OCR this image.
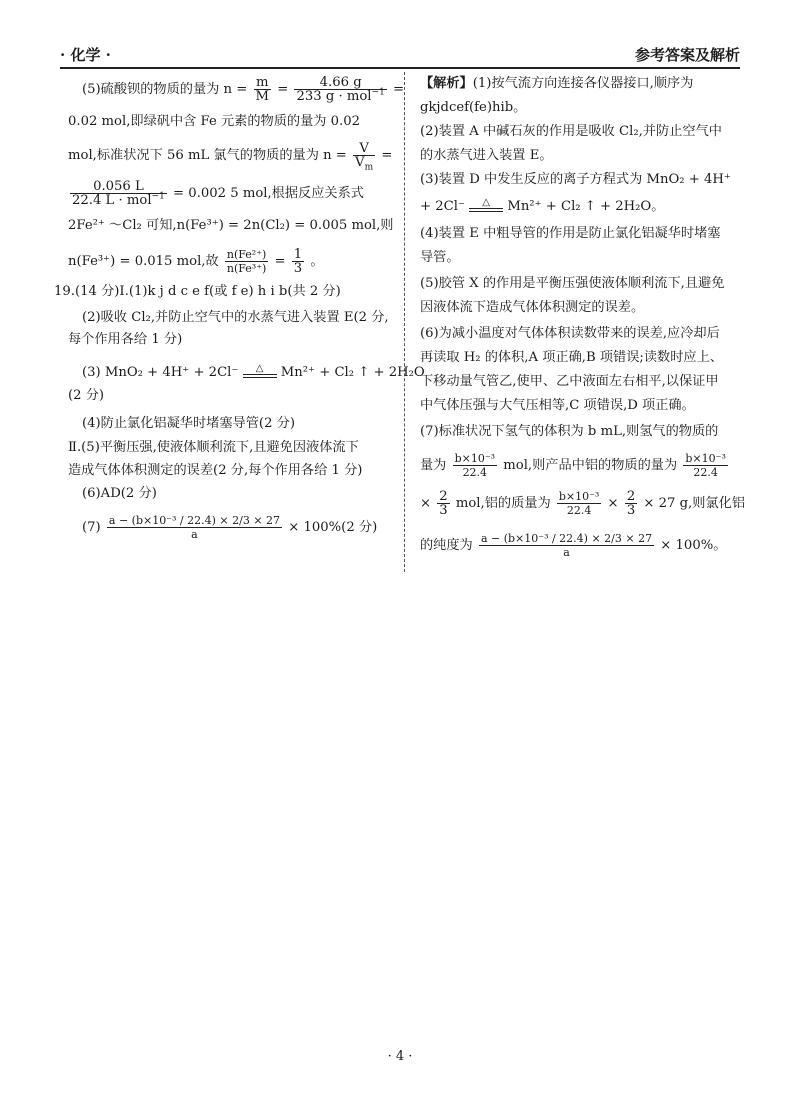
· 化学 ·	参考答案及解析
(5)硫酸钡的物质的量为 $n = \frac{m}{M} = \frac{4.66 g}{233 g \cdot mol^{-1}}$ =
0.02 mol,即绿矾中含 Fe 元素的物质的量为 0.02
mol,标准状况下 56 mL 氯气的物质的量为 $n = \frac{V}{V_m}$ =
$\frac{0.056 L}{22.4 L \cdot mol^{-1}} = 0.002$ 5 mol,根据反应关系式
2Fe²⁺ ～Cl₂ 可知,n(Fe³⁺) = 2n(Cl₂) = 0.005 mol,则
n(Fe³⁺) = 0.015 mol,故 $\frac{\text{n(Fe²⁺)}}{\text{n(Fe³⁺)}} = \frac{1}{3}$ 。
19.(14 分)Ⅰ.(1)k j d c e f(或 f e) h i b(共 2 分)
(2)吸收 Cl₂,并防止空气中的水蒸气进入装置 E(2 分,
每个作用各给 1 分)
(3) MnO₂ + 4H⁺ + 2Cl⁻	△	Mn²⁺ + Cl₂ ↑ + 2H₂O
(2 分)
(4)防止氯化铝凝华时堵塞导管(2 分)
Ⅱ.(5)平衡压强,使液体顺利流下,且避免因液体流下
造成气体体积测定的误差(2 分,每个作用各给 1 分)
(6)AD(2 分)
$(7) \frac{\text{a − (b×10⁻³ / 22.4) × 2/3 × 27}}{a} \times 100\%(2$ 分)
【解析】(1)按气流方向连接各仪器接口,顺序为
gkjdcef(fe)hib。
(2)装置 A 中碱石灰的作用是吸收 Cl₂,并防止空气中
的水蒸气进入装置 E。
(3)装置 D 中发生反应的离子方程式为 MnO₂ + 4H⁺
+ 2Cl⁻	△	Mn²⁺ + Cl₂ ↑ + 2H₂O。
(4)装置 E 中粗导管的作用是防止氯化铝凝华时堵塞
导管。
(5)胶管 X 的作用是平衡压强使液体顺利流下,且避免
因液体流下造成气体体积测定的误差。
(6)为减小温度对气体体积读数带来的误差,应冷却后
再读取 H₂ 的体积,A 项正确,B 项错误;读数时应上、
下移动量气管乙,使甲、乙中液面左右相平,以保证甲
中气体压强与大气压相等,C 项错误,D 项正确。
(7)标准状况下氢气的体积为 b mL,则氢气的物质的
量为 $\frac{\text{b×10⁻³}}{22.4}$ mol,则产品中铝的物质的量为 $\frac{\text{b×10⁻³}}{22.4}$
× $\frac{2}{3}$ mol,铝的质量为 $\frac{\text{b×10⁻³}}{22.4} \times \frac{2}{3} \times 27$ g,则氯化铝
的纯度为 $\frac{\text{a − (b×10⁻³ / 22.4) × 2/3 × 27}}{a} \times 100\%$。
· 4 ·
